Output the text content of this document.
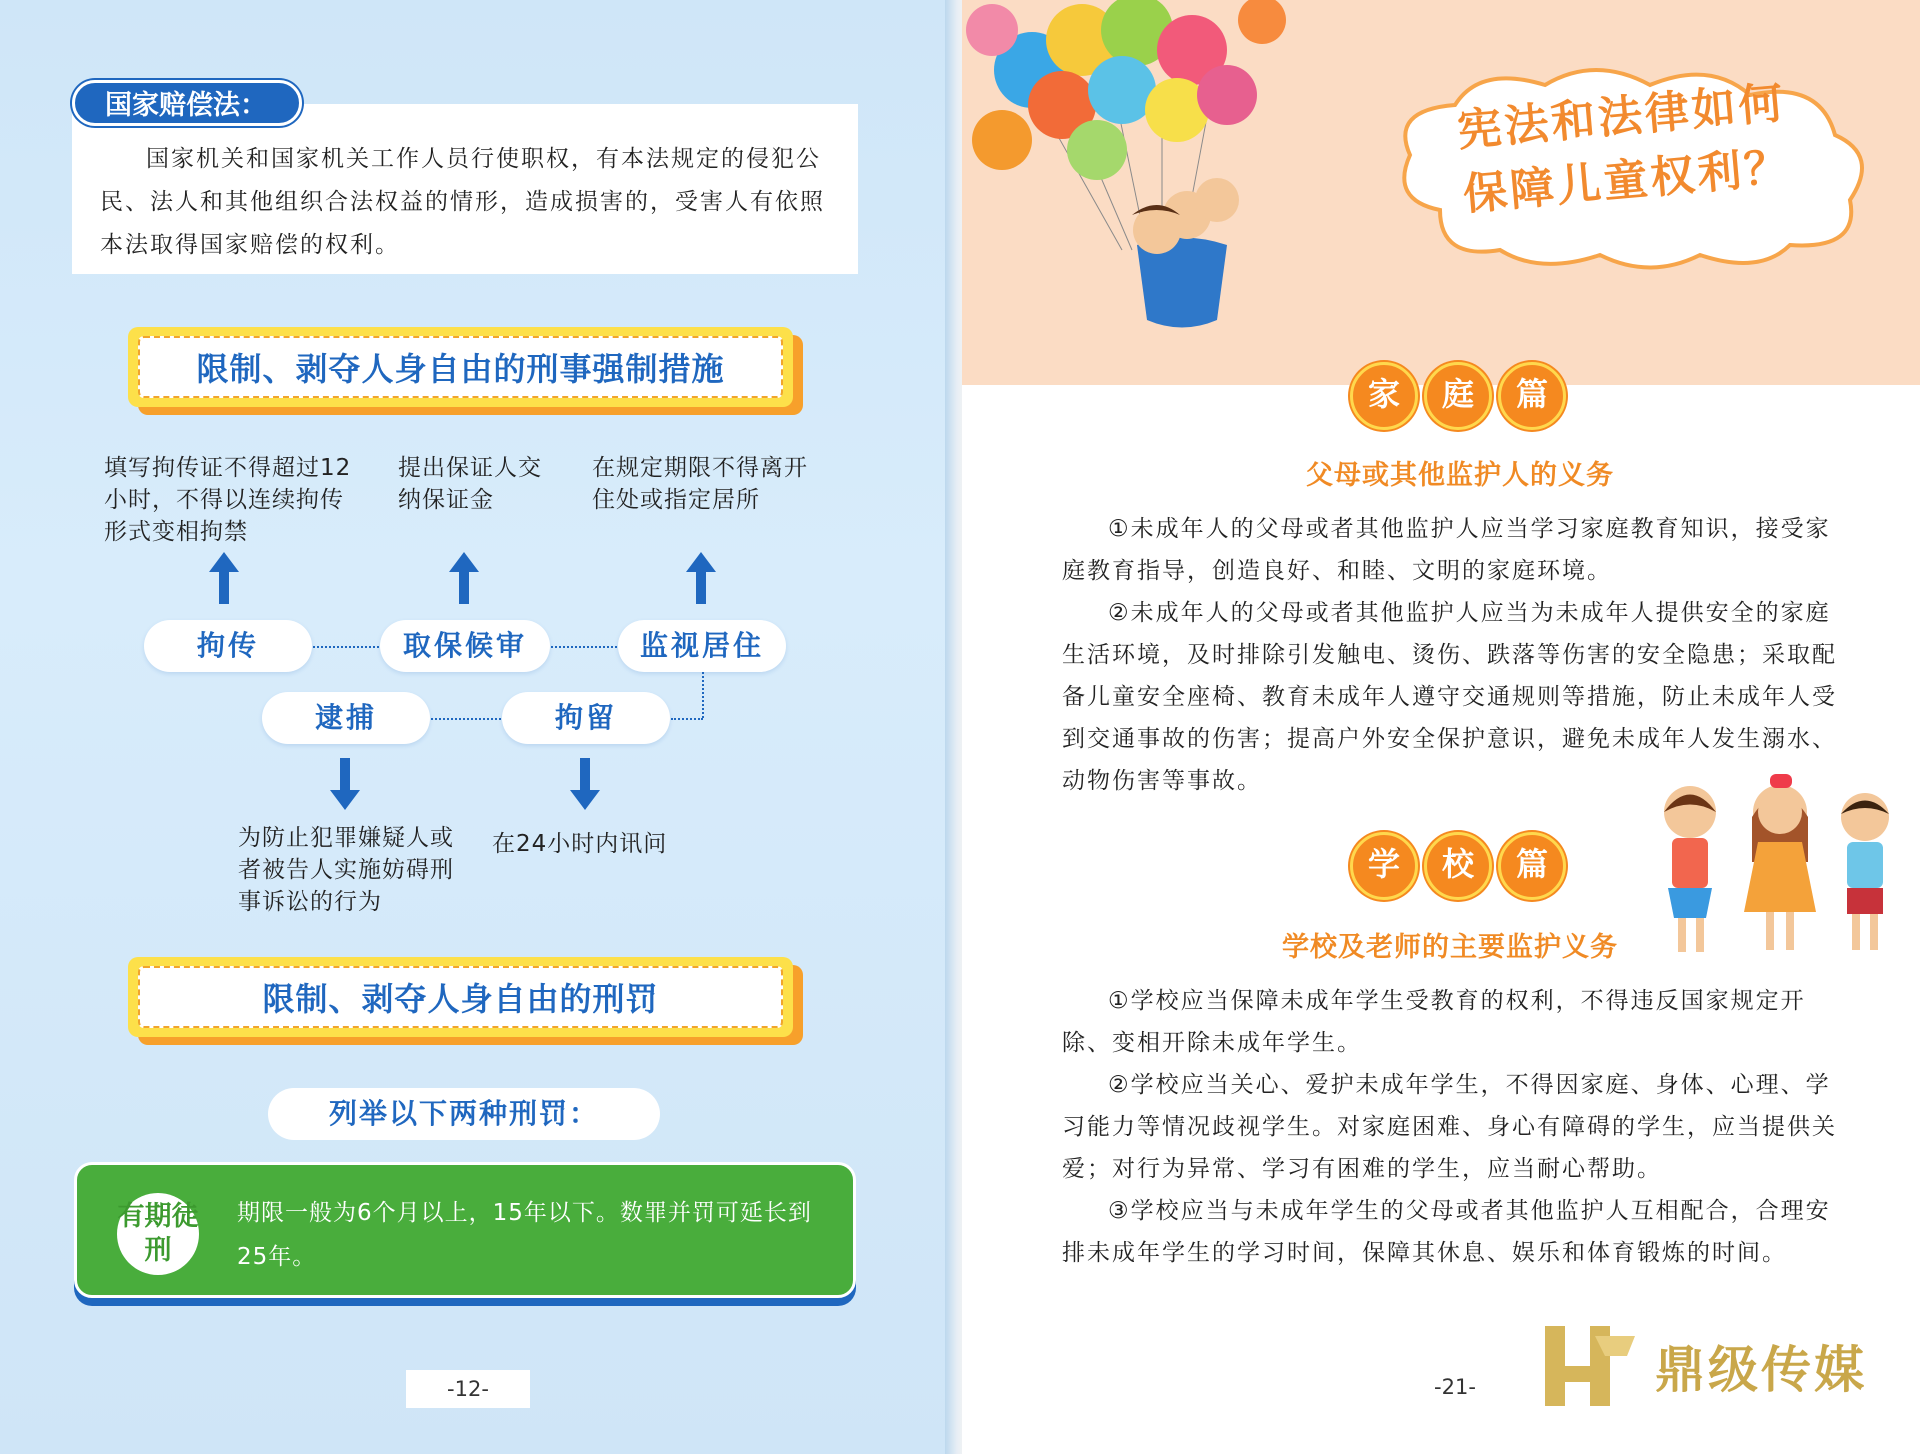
国家赔偿法：
国家机关和国家机关工作人员行使职权，有本法规定的侵犯公民、法人和其他组织合法权益的情形，造成损害的，受害人有依照本法取得国家赔偿的权利。
限制、剥夺人身自由的刑事强制措施
填写拘传证不得超过12小时，不得以连续拘传形式变相拘禁
提出保证人交纳保证金
在规定期限不得离开住处或指定居所
拘传	取保候审	监视居住
逮捕	拘留
为防止犯罪嫌疑人或者被告人实施妨碍刑事诉讼的行为
在24小时内讯问
限制、剥夺人身自由的刑罚
列举以下两种刑罚：
有期徒刑
期限一般为6个月以上，15年以下。数罪并罚可延长到25年。
-12-
宪法和法律如何
保障儿童权利？
家	庭	篇
父母或其他监护人的义务

①未成年人的父母或者其他监护人应当学习家庭教育知识，接受家庭教育指导，创造良好、和睦、文明的家庭环境。

②未成年人的父母或者其他监护人应当为未成年人提供安全的家庭生活环境，及时排除引发触电、烫伤、跌落等伤害的安全隐患；采取配备儿童安全座椅、教育未成年人遵守交通规则等措施，防止未成年人受到交通事故的伤害；提高户外安全保护意识，避免未成年人发生溺水、动物伤害等事故。

学	校	篇
学校及老师的主要监护义务

①学校应当保障未成年学生受教育的权利，不得违反国家规定开除、变相开除未成年学生。

②学校应当关心、爱护未成年学生，不得因家庭、身体、心理、学习能力等情况歧视学生。对家庭困难、身心有障碍的学生，应当提供关爱；对行为异常、学习有困难的学生，应当耐心帮助。

③学校应当与未成年学生的父母或者其他监护人互相配合，合理安排未成年学生的学习时间，保障其休息、娱乐和体育锻炼的时间。

-21-	鼎级传媒
